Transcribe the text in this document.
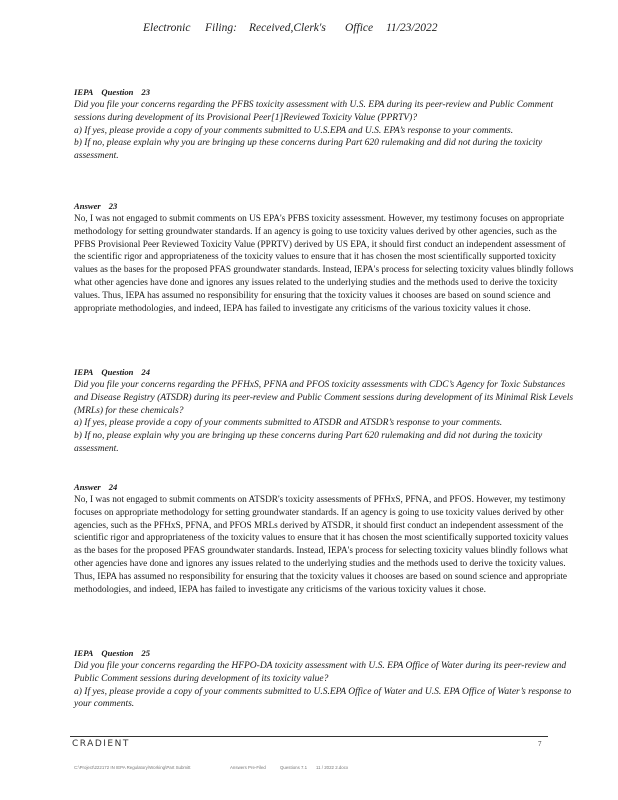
Electronic Filing: Received,Clerk's Office 11/23/2022
IEPA Question 23

Did you file your concerns regarding the PFBS toxicity assessment with U.S. EPA during its peer-review and Public Comment sessions during development of its Provisional Peer[1]Reviewed Toxicity Value (PPRTV)?

a) If yes, please provide a copy of your comments submitted to U.S.EPA and U.S. EPA’s response to your comments.

b) If no, please explain why you are bringing up these concerns during Part 620 rulemaking and did not during the toxicity assessment.

Answer 23

No, I was not engaged to submit comments on US EPA's PFBS toxicity assessment. However, my testimony focuses on appropriate methodology for setting groundwater standards. If an agency is going to use toxicity values derived by other agencies, such as the PFBS Provisional Peer Reviewed Toxicity Value (PPRTV) derived by US EPA, it should first conduct an independent assessment of the scientific rigor and appropriateness of the toxicity values to ensure that it has chosen the most scientifically supported toxicity values as the bases for the proposed PFAS groundwater standards. Instead, IEPA's process for selecting toxicity values blindly follows what other agencies have done and ignores any issues related to the underlying studies and the methods used to derive the toxicity values. Thus, IEPA has assumed no responsibility for ensuring that the toxicity values it chooses are based on sound science and appropriate methodologies, and indeed, IEPA has failed to investigate any criticisms of the various toxicity values it chose.

IEPA Question 24

Did you file your concerns regarding the PFHxS, PFNA and PFOS toxicity assessments with CDC’s Agency for Toxic Substances and Disease Registry (ATSDR) during its peer-review and Public Comment sessions during development of its Minimal Risk Levels (MRLs) for these chemicals?

a) If yes, please provide a copy of your comments submitted to ATSDR and ATSDR’s response to your comments.

b) If no, please explain why you are bringing up these concerns during Part 620 rulemaking and did not during the toxicity assessment.

Answer 24

No, I was not engaged to submit comments on ATSDR's toxicity assessments of PFHxS, PFNA, and PFOS. However, my testimony focuses on appropriate methodology for setting groundwater standards. If an agency is going to use toxicity values derived by other agencies, such as the PFHxS, PFNA, and PFOS MRLs derived by ATSDR, it should first conduct an independent assessment of the scientific rigor and appropriateness of the toxicity values to ensure that it has chosen the most scientifically supported toxicity values as the bases for the proposed PFAS groundwater standards. Instead, IEPA's process for selecting toxicity values blindly follows what other agencies have done and ignores any issues related to the underlying studies and the methods used to derive the toxicity values. Thus, IEPA has assumed no responsibility for ensuring that the toxicity values it chooses are based on sound science and appropriate methodologies, and indeed, IEPA has failed to investigate any criticisms of the various toxicity values it chose.

IEPA Question 25

Did you file your concerns regarding the HFPO-DA toxicity assessment with U.S. EPA Office of Water during its peer-review and Public Comment sessions during development of its toxicity value?

a) If yes, please provide a copy of your comments submitted to U.S.EPA Office of Water and U.S. EPA Office of Water’s response to your comments.

CRADIENT	7
C:\Project\222172 IN IEPA Regulatory\Working\Part Submitt	Answers Pre-Filed	Questions 7.1 11 / 2022 2.docx
